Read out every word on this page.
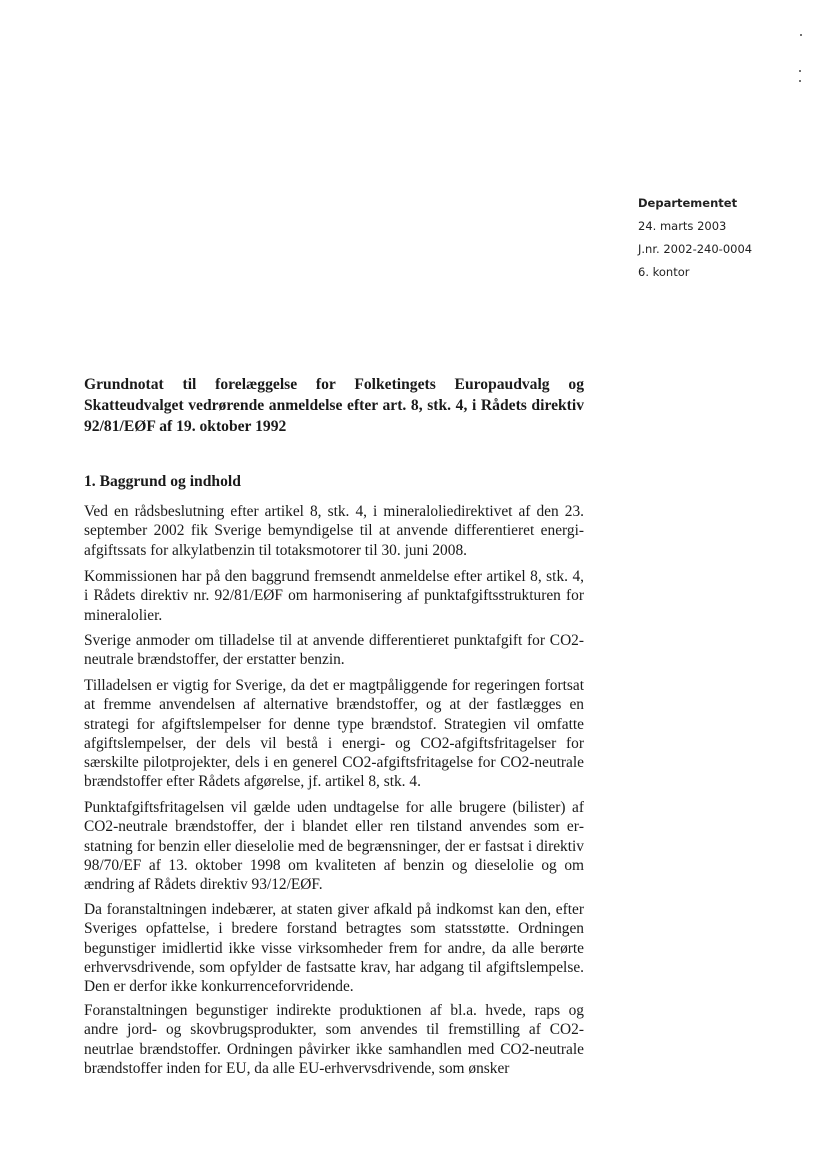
Departementet
24. marts 2003
J.nr. 2002-240-0004
6. kontor
Grundnotat til forelæggelse for Folketingets Europaudvalg og Skatteudvalget vedrørende anmeldelse efter art. 8, stk. 4, i Rådets direktiv 92/81/EØF af 19. oktober 1992
1. Baggrund og indhold

Ved en rådsbeslutning efter artikel 8, stk. 4, i mineraloliedirektivet af den 23. september 2002 fik Sverige bemyndigelse til at anvende differentieret energiafgiftssats for alkylatbenzin til totaksmotorer til 30. juni 2008.

Kommissionen har på den baggrund fremsendt anmeldelse efter artikel 8, stk. 4, i Rådets direktiv nr. 92/81/EØF om harmonisering af punktafgiftsstrukturen for mineralolier.

Sverige anmoder om tilladelse til at anvende differentieret punktafgift for CO2-neutrale brændstoffer, der erstatter benzin.

Tilladelsen er vigtig for Sverige, da det er magtpåliggende for regeringen fortsat at fremme anvendelsen af alternative brændstoffer, og at der fastlægges en strategi for afgiftslempelser for denne type brændstof. Strategien vil omfatte afgiftslempelser, der dels vil bestå i energi- og CO2-afgiftsfritagelser for særskilte pilotprojekter, dels i en generel CO2-afgiftsfritagelse for CO2-neutrale brændstoffer efter Rådets afgørelse, jf. artikel 8, stk. 4.

Punktafgiftsfritagelsen vil gælde uden undtagelse for alle brugere (bilister) af CO2-neutrale brændstoffer, der i blandet eller ren tilstand anvendes som erstatning for benzin eller dieselolie med de begrænsninger, der er fastsat i direktiv 98/70/EF af 13. oktober 1998 om kvaliteten af benzin og dieselolie og om ændring af Rådets direktiv 93/12/EØF.

Da foranstaltningen indebærer, at staten giver afkald på indkomst kan den, efter Sveriges opfattelse, i bredere forstand betragtes som statsstøtte. Ordningen begunstiger imidlertid ikke visse virksomheder frem for andre, da alle berørte erhvervsdrivende, som opfylder de fastsatte krav, har adgang til afgiftslempelse. Den er derfor ikke konkurrenceforvridende.

Foranstaltningen begunstiger indirekte produktionen af bl.a. hvede, raps og andre jord- og skovbrugsprodukter, som anvendes til fremstilling af CO2-neutrlae brændstoffer. Ordningen påvirker ikke samhandlen med CO2-neutrale brændstoffer inden for EU, da alle EU-erhvervsdrivende, som ønsker
